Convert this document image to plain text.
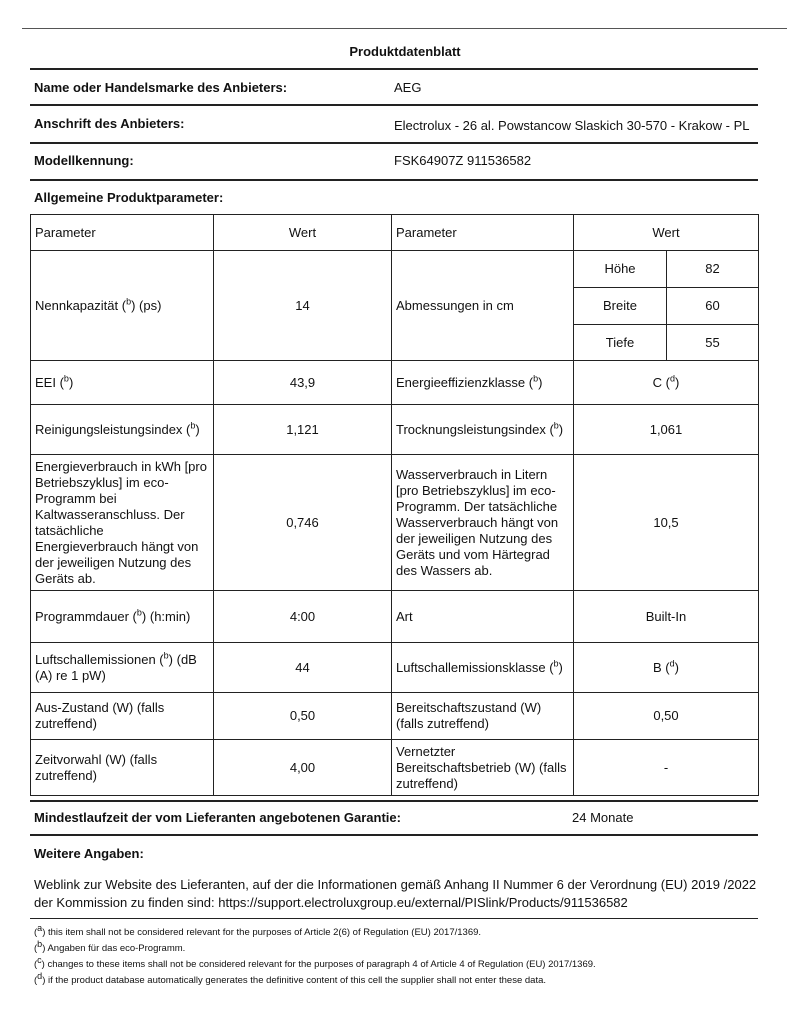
Produktdatenblatt
Name oder Handelsmarke des Anbieters:	AEG
Anschrift des Anbieters:	Electrolux - 26 al. Powstancow Slaskich 30-570 - Krakow - PL
Modellkennung:	FSK64907Z 911536582
Allgemeine Produktparameter:
Parameter	Wert	Parameter	Wert	
Nennkapazität ($^b$) (ps)	14	Abmessungen in cm	Höhe	82
			Breite	60
			Tiefe	55
EEI ($^b$)	43,9	Energieeffizienzklasse ($^b$)	C ($^d$)	
Reinigungsleistungsindex ($^b$)	1,121	Trocknungsleistungsindex ($^b$)	1,061	
Energieverbrauch in kWh [pro Betriebszyklus] im eco-Programm bei Kaltwasseranschluss. Der tatsächliche Energieverbrauch hängt von der jeweiligen Nutzung des Geräts ab.	0,746	Wasserverbrauch in Litern [pro Betriebszyklus] im eco-Programm. Der tatsächliche Wasserverbrauch hängt von der jeweiligen Nutzung des Geräts und vom Härtegrad des Wassers ab.	10,5	
Programmdauer ($^b$) (h:min)	4:00	Art	Built-In	
Luftschallemissionen ($^b$) (dB (A) re 1 pW)	44	Luftschallemissionsklasse ($^b$)	B ($^d$)	
Aus-Zustand (W) (falls zutreffend)	0,50	Bereitschaftszustand (W) (falls zutreffend)	0,50	
Zeitvorwahl (W) (falls zutreffend)	4,00	Vernetzter Bereitschaftsbetrieb (W) (falls zutreffend)	-	
Mindestlaufzeit der vom Lieferanten angebotenen Garantie:	24 Monate
Weitere Angaben:
Weblink zur Website des Lieferanten, auf der die Informationen gemäß Anhang II Nummer 6 der Verordnung (EU) 2019 /2022 der Kommission zu finden sind: https://support.electroluxgroup.eu/external/PISlink/Products/911536582
($^a$) this item shall not be considered relevant for the purposes of Article 2(6) of Regulation (EU) 2017/1369.
($^b$) Angaben für das eco-Programm.
($^c$) changes to these items shall not be considered relevant for the purposes of paragraph 4 of Article 4 of Regulation (EU) 2017/1369.
($^d$) if the product database automatically generates the definitive content of this cell the supplier shall not enter these data.
